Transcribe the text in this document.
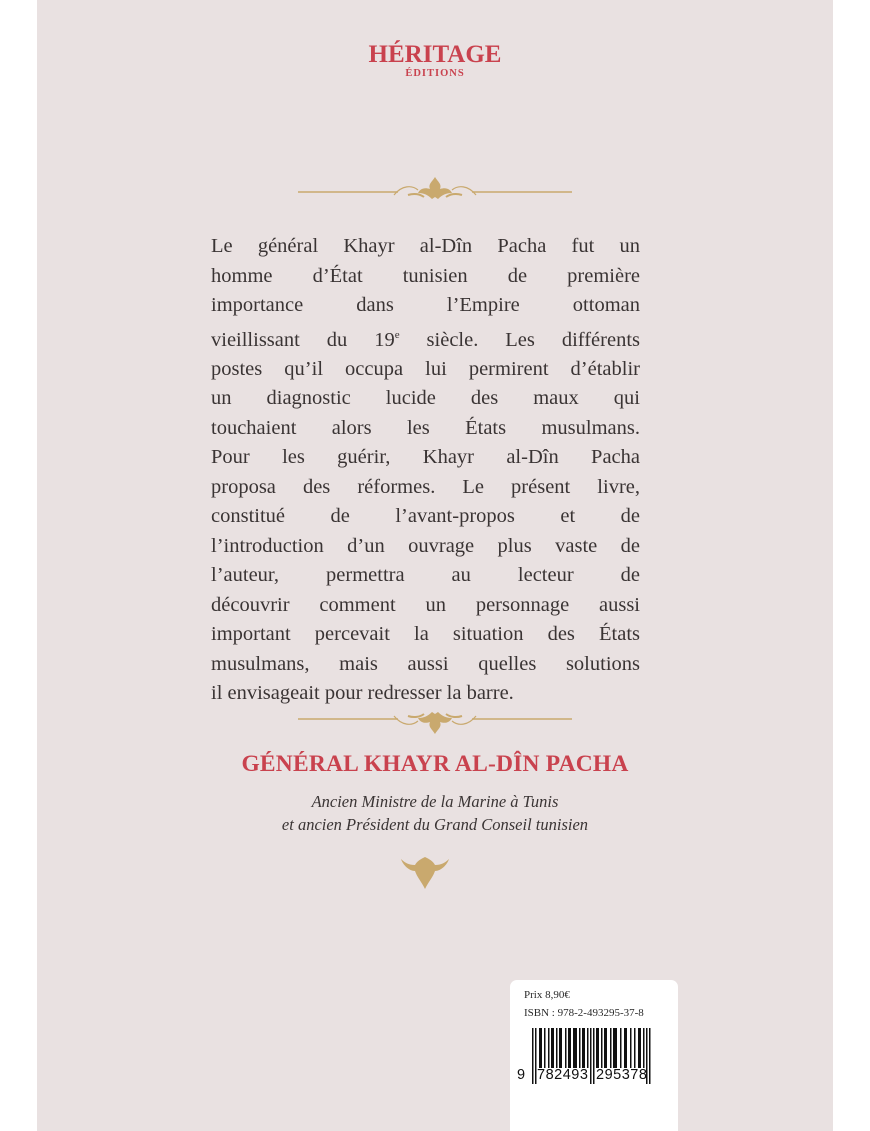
HÉRITAGE
ÉDITIONS
Le général Khayr al-Dîn Pacha fut un
homme d’État tunisien de première
importance dans l’Empire ottoman
vieillissant du 19e siècle. Les différents
postes qu’il occupa lui permirent d’établir
un diagnostic lucide des maux qui
touchaient alors les États musulmans.
Pour les guérir, Khayr al-Dîn Pacha
proposa des réformes. Le présent livre,
constitué de l’avant-propos et de
l’introduction d’un ouvrage plus vaste de
l’auteur, permettra au lecteur de
découvrir comment un personnage aussi
important percevait la situation des États
musulmans, mais aussi quelles solutions
il envisageait pour redresser la barre.
GÉNÉRAL KHAYR AL-DÎN PACHA
Ancien Ministre de la Marine à Tunis
et ancien Président du Grand Conseil tunisien
Prix 8,90€
ISBN : 978-2-493295-37-8
9 782493 295378
